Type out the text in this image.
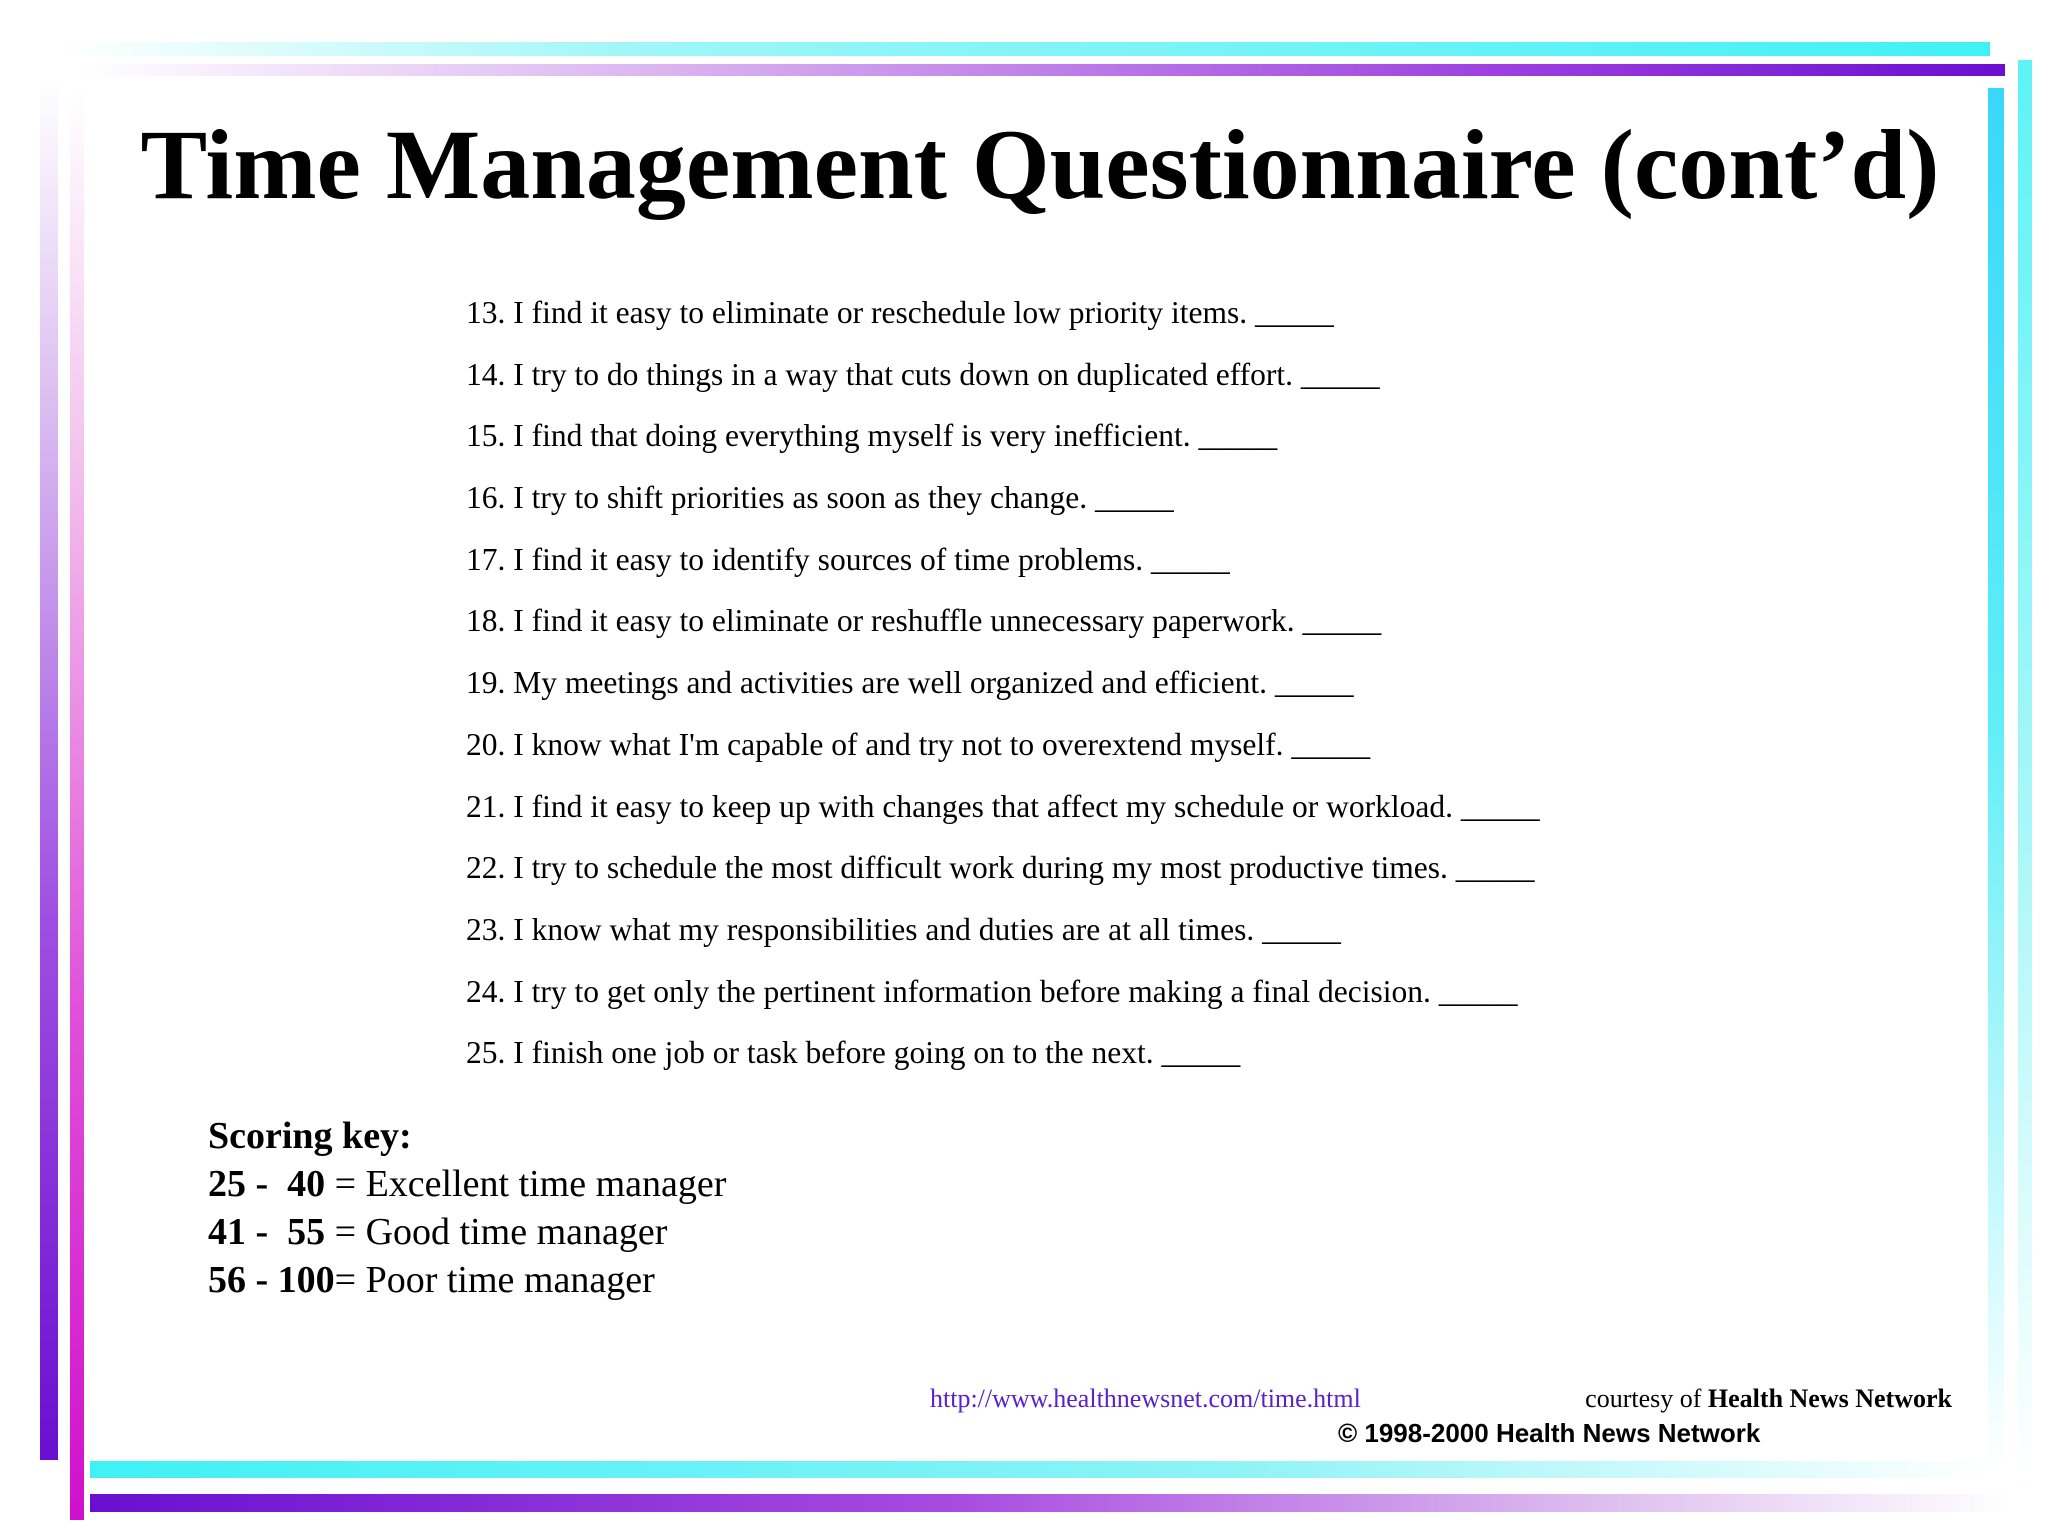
Time Management Questionnaire (cont’d)
13. I find it easy to eliminate or reschedule low priority items. _____
14. I try to do things in a way that cuts down on duplicated effort. _____
15. I find that doing everything myself is very inefficient. _____
16. I try to shift priorities as soon as they change. _____
17. I find it easy to identify sources of time problems. _____
18. I find it easy to eliminate or reshuffle unnecessary paperwork. _____
19. My meetings and activities are well organized and efficient. _____
20. I know what I'm capable of and try not to overextend myself. _____
21. I find it easy to keep up with changes that affect my schedule or workload. _____
22. I try to schedule the most difficult work during my most productive times. _____
23. I know what my responsibilities and duties are at all times. _____
24. I try to get only the pertinent information before making a final decision. _____
25. I finish one job or task before going on to the next. _____
Scoring key:
25 -  40 = Excellent time manager
41 -  55 = Good time manager
56 - 100= Poor time manager
http://www.healthnewsnet.com/time.html	courtesy of Health News Network
© 1998-2000 Health News Network
